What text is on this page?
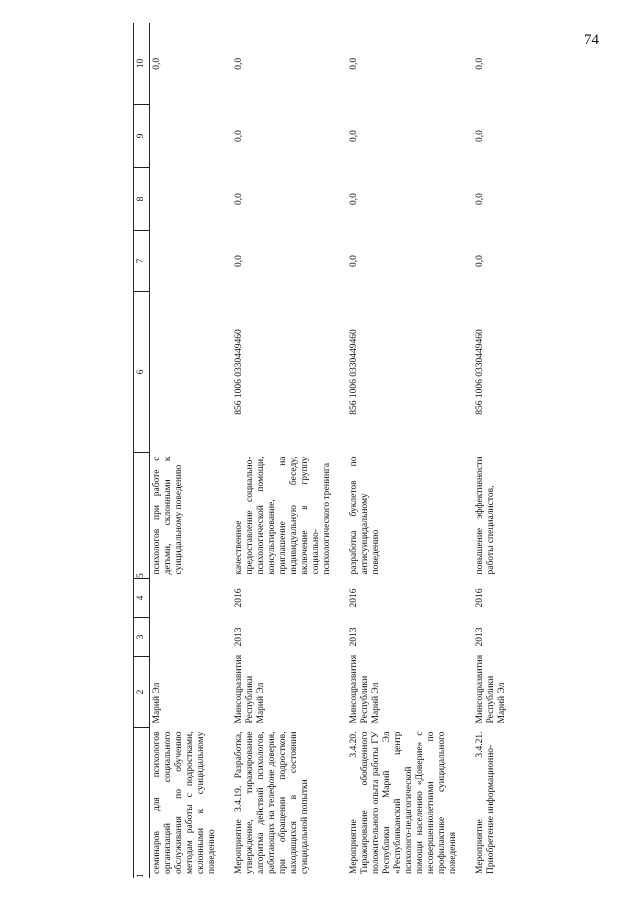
74
1	2	3	4	5	6	7	8	9	10
семинаров для психологов организаций социального обслуживания по обучению методам работы с подростками, склонными к суицидальному поведению	Марий Эл			психологов при работе с детьми, склонными к суицидальному поведению					0,0

Мероприятие 3.4.19. Разработка, утверждение, тиражирование алгоритма действий психологов, работающих на телефоне доверия, при обращении подростков, находящихся в состоянии суицидальной попытки	Минсоцразвития Республики Марий Эл	2013	2016	качественное предоставление социально-психологической помощи, консультирование, приглашение на индивидуальную беседу, включение в группу социально-психологического тренинга	856 1006 0330449460	0,0	0,0	0,0	0,0

Мероприятие 3.4.20. Тиражирование обобщенного положительного опыта работы ГУ Республики Марий Эл «Республиканский центр психолого-педагогической помощи населению «Доверие» с несовершеннолетними по профилактике суицидального поведения	Минсоцразвития Республики Марий Эл	2013	2016	разработка буклетов по антисуицидальному поведению	856 1006 0330449460	0,0	0,0	0,0	0,0

Мероприятие 3.4.21. Приобретение информационно-	Минсоцразвития Республики Марий Эл	2013	2016	повышение эффективности работы специалистов,	856 1006 0330449460	0,0	0,0	0,0	0,0
